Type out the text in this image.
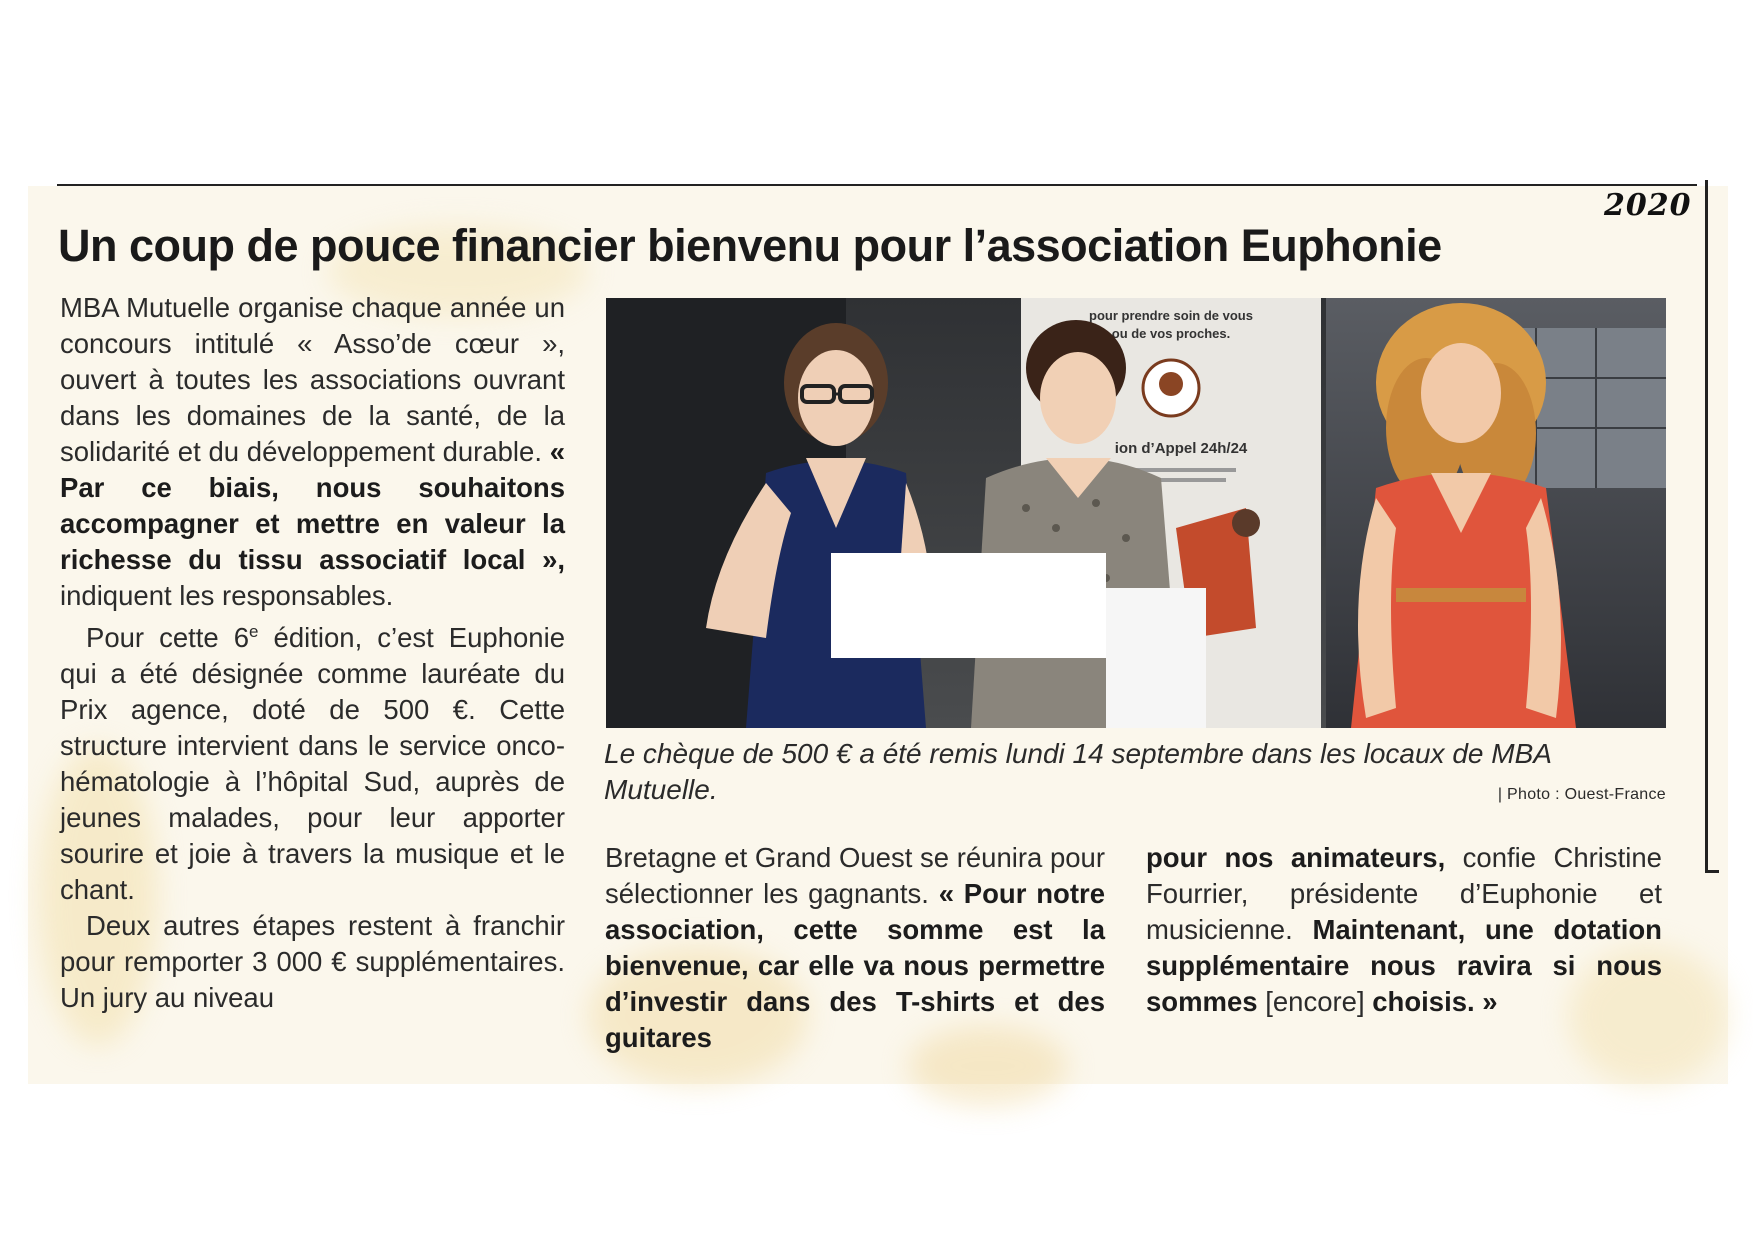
2020
Un coup de pouce financier bienvenu pour l’association Euphonie

MBA Mutuelle organise chaque année un concours intitulé « Asso’de cœur », ouvert à toutes les associations ouvrant dans les domaines de la santé, de la solidarité et du développement durable. « Par ce biais, nous souhaitons accompagner et mettre en valeur la richesse du tissu associatif local », indiquent les responsables.

Pour cette 6e édition, c’est Euphonie qui a été désignée comme lauréate du Prix agence, doté de 500 €. Cette structure intervient dans le service onco-hématologie à l’hôpital Sud, auprès de jeunes malades, pour leur apporter sourire et joie à travers la musique et le chant.

Deux autres étapes restent à franchir pour remporter 3 000 € supplémentaires. Un jury au niveau

pour prendre soin de vous
ou de vos proches.
ion d’Appel 24h/24
Le chèque de 500 € a été remis lundi 14 septembre dans les locaux de MBA Mutuelle.	| Photo : Ouest-France

Bretagne et Grand Ouest se réunira pour sélectionner les gagnants. « Pour notre association, cette somme est la bienvenue, car elle va nous permettre d’investir dans des T-shirts et des guitares

pour nos animateurs, confie Christine Fourrier, présidente d’Euphonie et musicienne. Maintenant, une dotation supplémentaire nous ravira si nous sommes [encore] choisis. »
